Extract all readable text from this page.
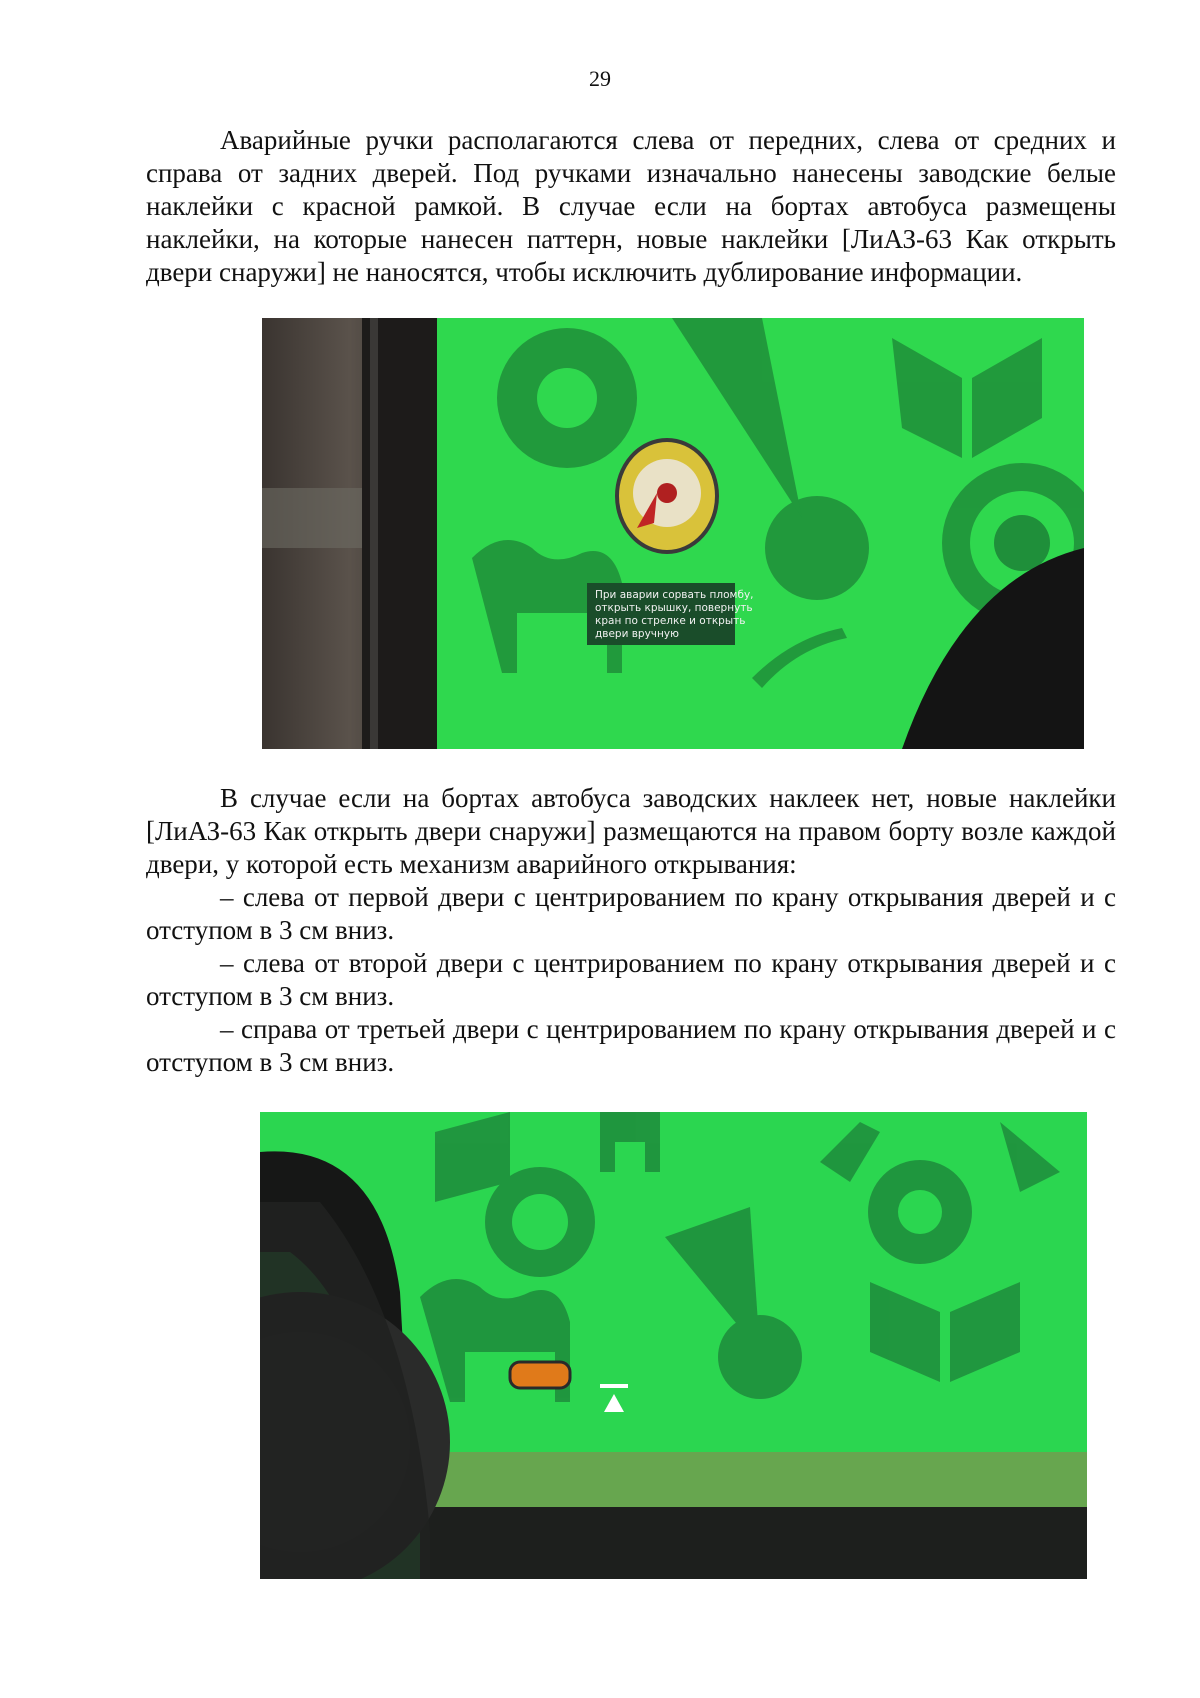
29

Аварийные ручки располагаются слева от передних, слева от средних и справа от задних дверей. Под ручками изначально нанесены заводские белые наклейки с красной рамкой. В случае если на бортах автобуса размещены наклейки, на которые нанесен паттерн, новые наклейки [ЛиАЗ-63 Как открыть двери снаружи] не наносятся, чтобы исключить дублирование информации.

При аварии сорвать пломбу,
открыть крышку, повернуть
кран по стрелке и открыть
двери вручную

В случае если на бортах автобуса заводских наклеек нет, новые наклейки [ЛиАЗ-63 Как открыть двери снаружи] размещаются на правом борту возле каждой двери, у которой есть механизм аварийного открывания:

– слева от первой двери с центрированием по крану открывания дверей и с отступом в 3 см вниз.

– слева от второй двери с центрированием по крану открывания дверей и с отступом в 3 см вниз.

– справа от третьей двери с центрированием по крану открывания дверей и с отступом в 3 см вниз.
